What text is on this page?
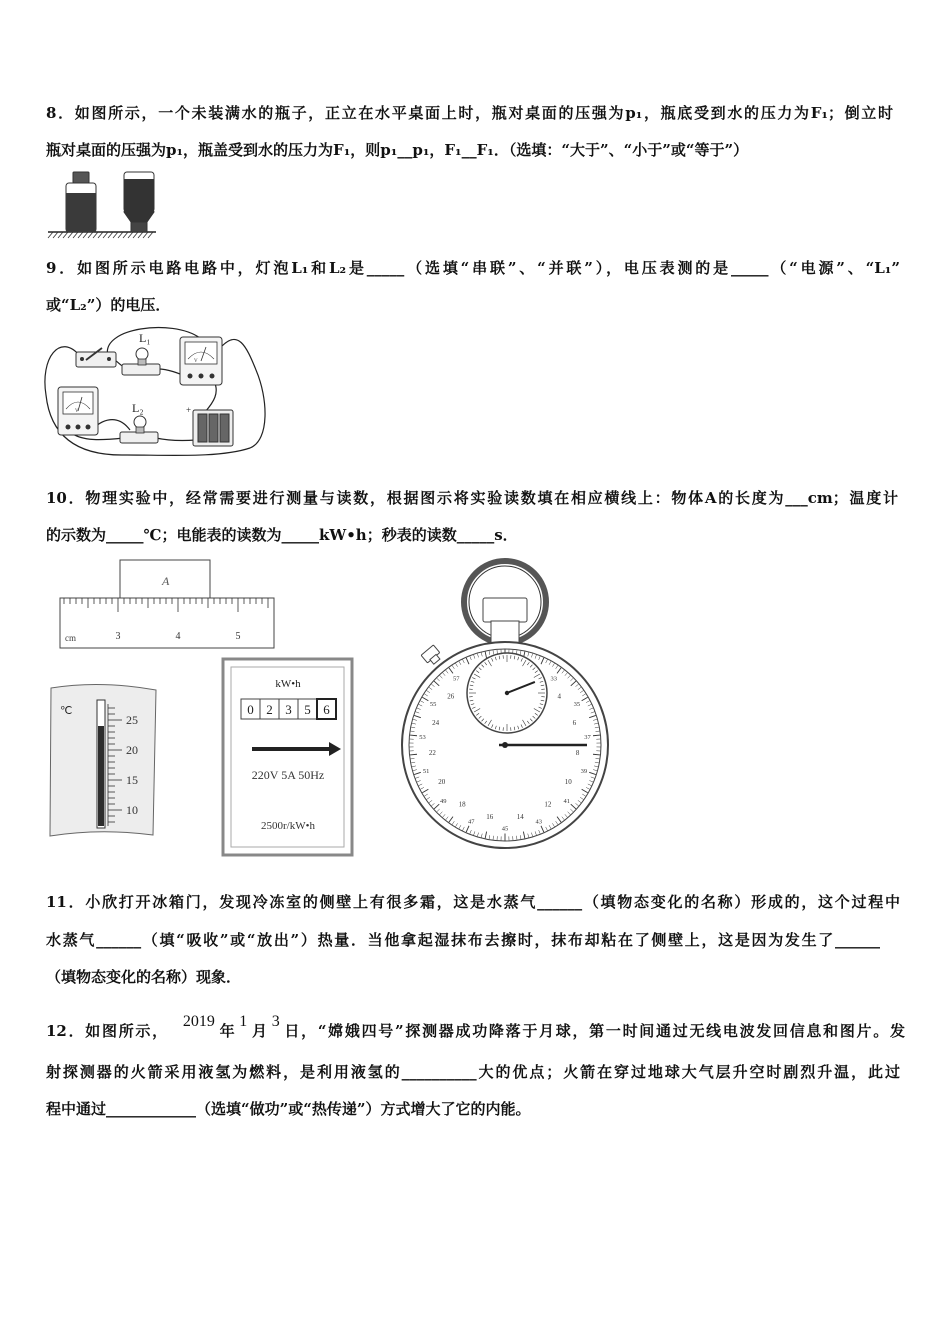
L₁
V
V	L₂	+
A
3	4	5
cm
℃
25
20
15
10
kW•h
0 2 3 5 6
220V 5A 50Hz
2500r/kW•h
4
6
8
10
12
14
16
18
20
22
24
26
33
35
37
39
41
43
45
47
49
51
53
55
57
8．如图所示，一个未装满水的瓶子，正立在水平桌面上时，瓶对桌面的压强为p₁，瓶底受到水的压力为F₁；倒立时
瓶对桌面的压强为p₁，瓶盖受到水的压力为F₁，则p₁__p₁，F₁__F₁．（选填：“大于”、“小于”或“等于”）
9．如图所示电路电路中，灯泡L₁和L₂是_____（选填“串联”、“并联”），电压表测的是_____（“电源”、“L₁”
或“L₂”）的电压．
10．物理实验中，经常需要进行测量与读数，根据图示将实验读数填在相应横线上：物体A的长度为___cm；温度计
的示数为_____℃；电能表的读数为_____kW•h；秒表的读数_____s．
11．小欣打开冰箱门，发现冷冻室的侧壁上有很多霜，这是水蒸气______（填物态变化的名称）形成的，这个过程中
水蒸气______（填“吸收”或“放出”）热量．当他拿起湿抹布去擦时，抹布却粘在了侧壁上，这是因为发生了______
（填物态变化的名称）现象．
12．如图所示，2019年1月3日，“嫦娥四号”探测器成功降落于月球，第一时间通过无线电波发回信息和图片。发
射探测器的火箭采用液氢为燃料，是利用液氢的__________大的优点；火箭在穿过地球大气层升空时剧烈升温，此过
程中通过____________（选填“做功”或“热传递”）方式增大了它的内能。
